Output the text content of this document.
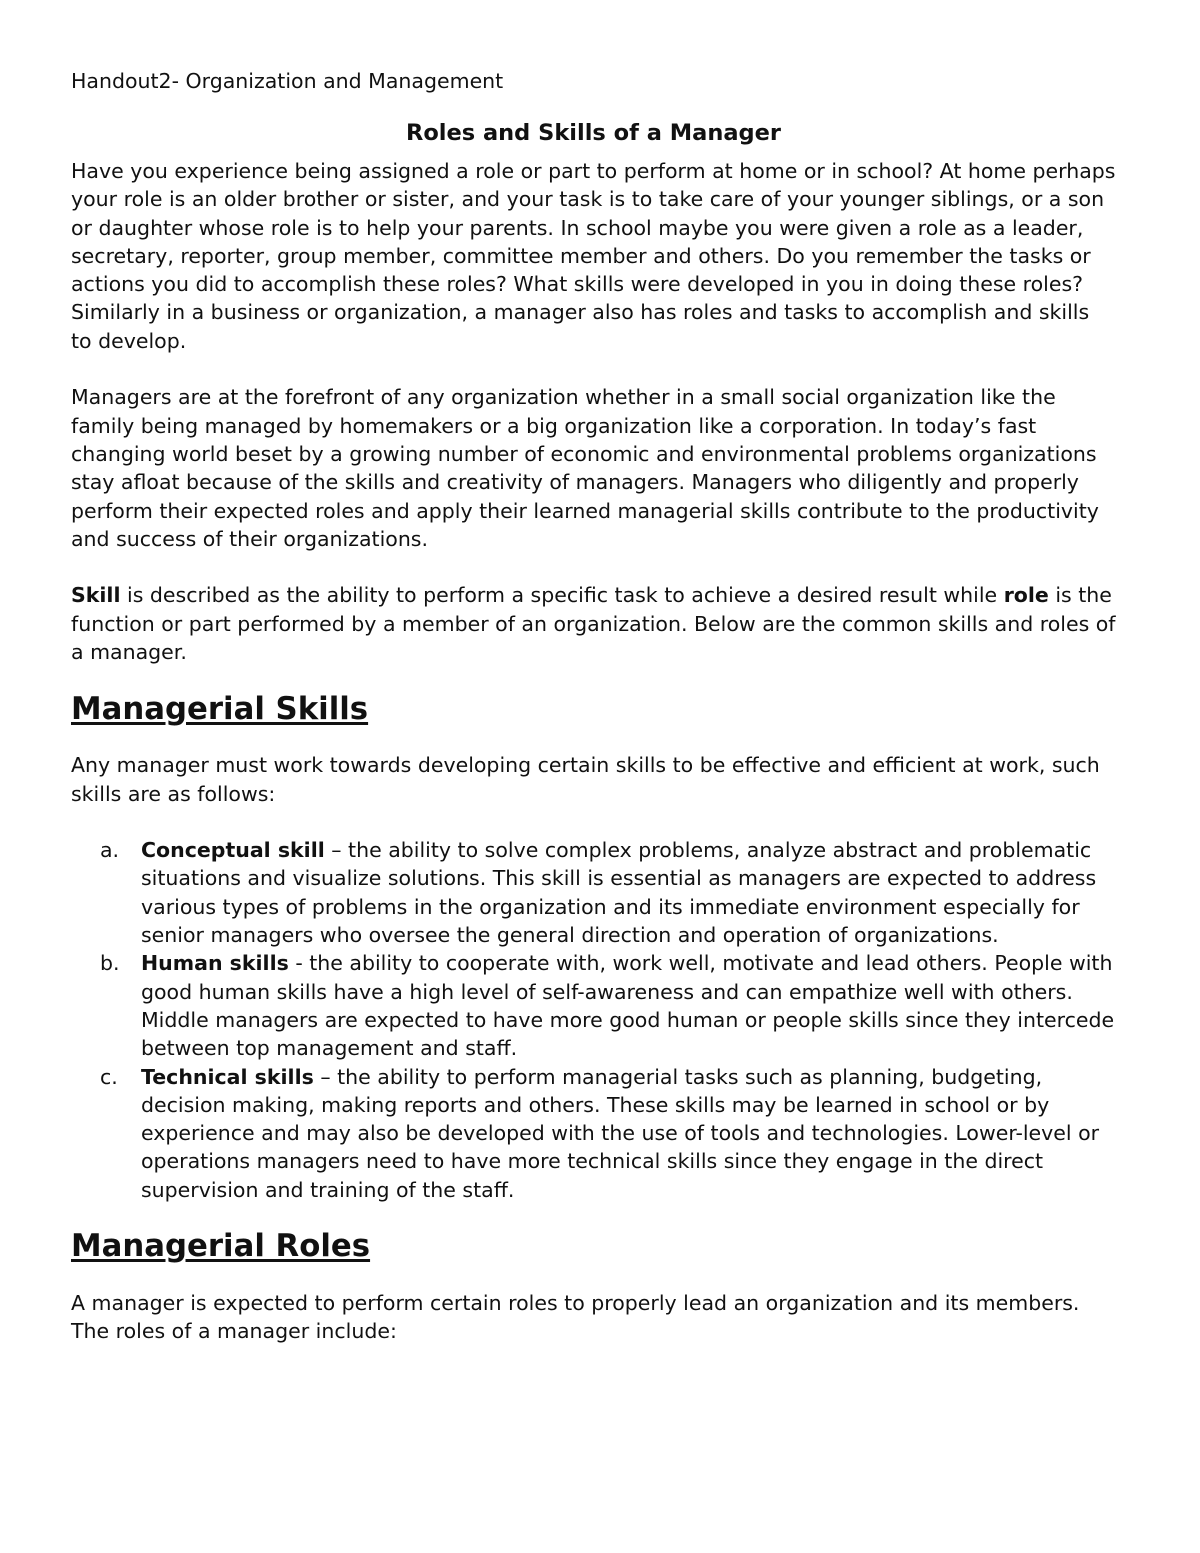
Handout2- Organization and Management

Roles and Skills of a Manager

Have you experience being assigned a role or part to perform at home or in school? At home perhaps your role is an older brother or sister, and your task is to take care of your younger siblings, or a son or daughter whose role is to help your parents. In school maybe you were given a role as a leader, secretary, reporter, group member, committee member and others. Do you remember the tasks or actions you did to accomplish these roles? What skills were developed in you in doing these roles? Similarly in a business or organization, a manager also has roles and tasks to accomplish and skills to develop.

Managers are at the forefront of any organization whether in a small social organization like the family being managed by homemakers or a big organization like a corporation. In today’s fast changing world beset by a growing number of economic and environmental problems organizations stay afloat because of the skills and creativity of managers. Managers who diligently and properly perform their expected roles and apply their learned managerial skills contribute to the productivity and success of their organizations.

Skill is described as the ability to perform a specific task to achieve a desired result while role is the function or part performed by a member of an organization. Below are the common skills and roles of a manager.

Managerial Skills

Any manager must work towards developing certain skills to be effective and efficient at work, such skills are as follows:

a. Conceptual skill – the ability to solve complex problems, analyze abstract and problematic situations and visualize solutions. This skill is essential as managers are expected to address various types of problems in the organization and its immediate environment especially for senior managers who oversee the general direction and operation of organizations.
b. Human skills - the ability to cooperate with, work well, motivate and lead others. People with good human skills have a high level of self-awareness and can empathize well with others. Middle managers are expected to have more good human or people skills since they intercede between top management and staff.
c. Technical skills – the ability to perform managerial tasks such as planning, budgeting, decision making, making reports and others. These skills may be learned in school or by experience and may also be developed with the use of tools and technologies. Lower-level or operations managers need to have more technical skills since they engage in the direct supervision and training of the staff.
Managerial Roles

A manager is expected to perform certain roles to properly lead an organization and its members. The roles of a manager include:
